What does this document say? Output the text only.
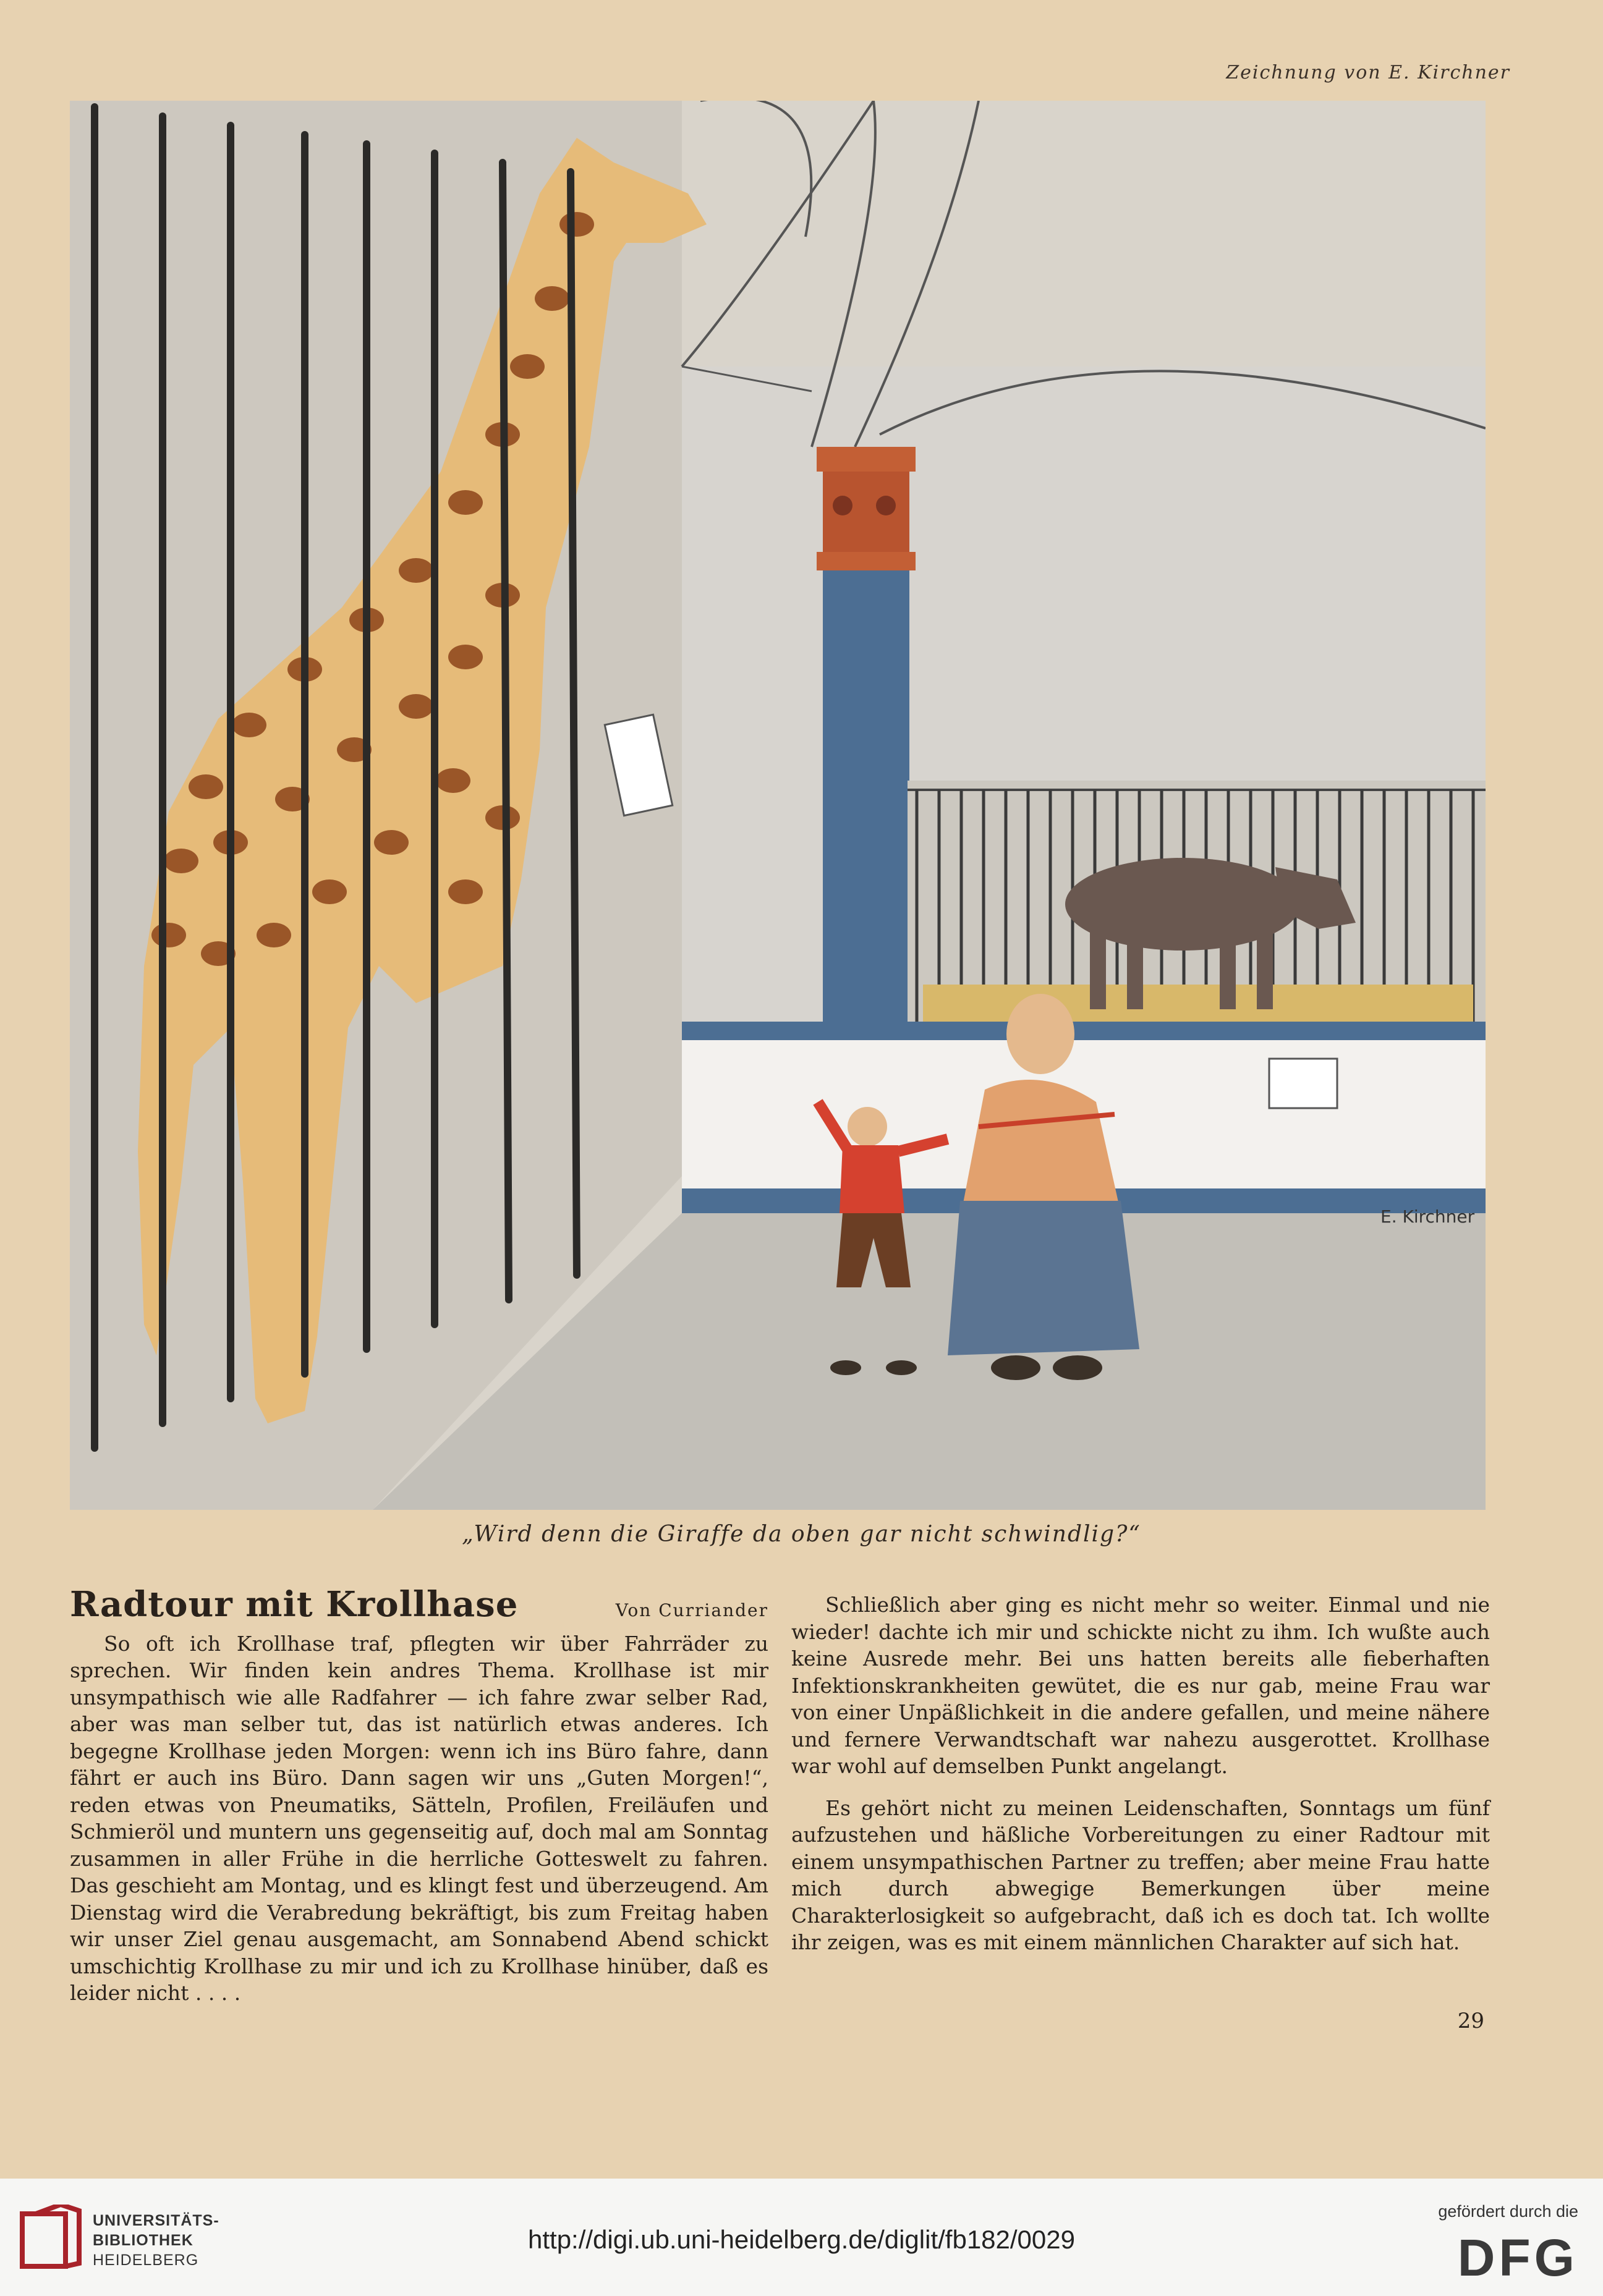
Zeichnung von E. Kirchner
E. Kirchner
„Wird denn die Giraffe da oben gar nicht schwindlig?“
Radtour mit Krollhase	Von Curriander

So oft ich Krollhase traf, pflegten wir über Fahrräder zu sprechen. Wir finden kein andres Thema. Krollhase ist mir unsympathisch wie alle Radfahrer — ich fahre zwar selber Rad, aber was man selber tut, das ist natürlich etwas anderes. Ich begegne Krollhase jeden Morgen: wenn ich ins Büro fahre, dann fährt er auch ins Büro. Dann sagen wir uns „Guten Morgen!“, reden etwas von Pneumatiks, Sätteln, Profilen, Freiläufen und Schmieröl und muntern uns gegenseitig auf, doch mal am Sonntag zusammen in aller Frühe in die herrliche Gotteswelt zu fahren. Das geschieht am Montag, und es klingt fest und überzeugend. Am Dienstag wird die Verabredung bekräftigt, bis zum Freitag haben wir unser Ziel genau ausgemacht, am Sonnabend Abend schickt umschichtig Krollhase zu mir und ich zu Krollhase hinüber, daß es leider nicht . . . .

Schließlich aber ging es nicht mehr so weiter. Einmal und nie wieder! dachte ich mir und schickte nicht zu ihm. Ich wußte auch keine Ausrede mehr. Bei uns hatten bereits alle fieberhaften Infektionskrankheiten gewütet, die es nur gab, meine Frau war von einer Unpäßlichkeit in die andere gefallen, und meine nähere und fernere Verwandtschaft war nahezu ausgerottet. Krollhase war wohl auf demselben Punkt angelangt.

Es gehört nicht zu meinen Leidenschaften, Sonntags um fünf aufzustehen und häßliche Vorbereitungen zu einer Radtour mit einem unsympathischen Partner zu treffen; aber meine Frau hatte mich durch abwegige Bemerkungen über meine Charakterlosigkeit so aufgebracht, daß ich es doch tat. Ich wollte ihr zeigen, was es mit einem männlichen Charakter auf sich hat.

29
UNIVERSITÄTS-
BIBLIOTHEK
HEIDELBERG
http://digi.ub.uni-heidelberg.de/diglit/fb182/0029
gefördert durch die
DFG
